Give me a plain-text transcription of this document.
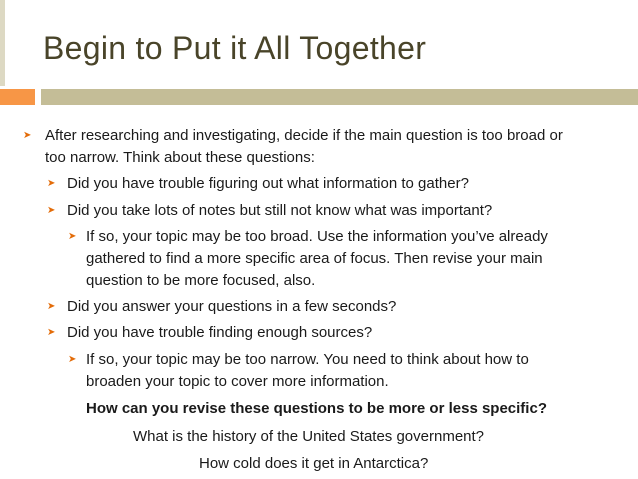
Begin to Put it All Together
➤ After researching and investigating, decide if the main question is too broad or
too narrow. Think about these questions:
➤ Did you have trouble figuring out what information to gather?
➤ Did you take lots of notes but still not know what was important?
➤ If so, your topic may be too broad. Use the information you’ve already
gathered to find a more specific area of focus. Then revise your main
question to be more focused, also.
➤ Did you answer your questions in a few seconds?
➤ Did you have trouble finding enough sources?
➤ If so, your topic may be too narrow. You need to think about how to
broaden your topic to cover more information.
How can you revise these questions to be more or less specific?
What is the history of the United States government?
How cold does it get in Antarctica?
